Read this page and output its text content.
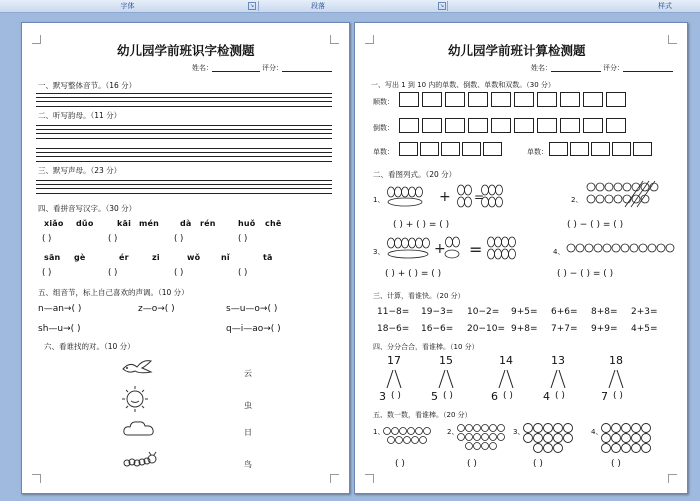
字体	↘	段落	↘	样式
幼儿园学前班识字检测题
姓名：	评分：
一、默写整体音节。（16 分）
二、听写韵母。（11 分）
三、默写声母。（23 分）
四、看拼音写汉字。（30 分）
xiǎo dǔo	kāi mén	dà rén	huǒ chē
( )	( )	( )	( )
sān gè	ér	zi	wǒ	nǐ	tā
( )	( )	( )	( )
五、组音节，标上自己喜欢的声调。（10 分）
n—an→( )	z—o→( )	s—u—o→( )
sh—u→( )	q—i—ao→( )
六、看谁找的对。（10 分）
云
虫
日
鸟
幼儿园学前班计算检测题
姓名：	评分：
一、写出 1 到 10 内的单数、倒数、单数和双数。（30 分）
顺数：
倒数：
单数：	单数：
二、看图列式。（20 分）
1、	+ =	2、
( ) + ( ) = ( )	( ) − ( ) = ( )
3、	+ =	4、
( ) + ( ) = ( )	( ) − ( ) = ( )
三、计算，看谁快。（20 分）
11−8= 19−3= 10−2= 9+5= 6+6= 8+8= 2+3=
18−6= 16−6= 20−10= 9+8= 7+7= 9+9= 4+5=
四、分分合合，看谁棒。（10 分）
17	15	14	13	18
3 ( )	5 ( )	6 ( )	4 ( )	7 ( )
五、数一数，看谁棒。（20 分）
1、	2、	3、	4、
( )	( )	( )	( )
